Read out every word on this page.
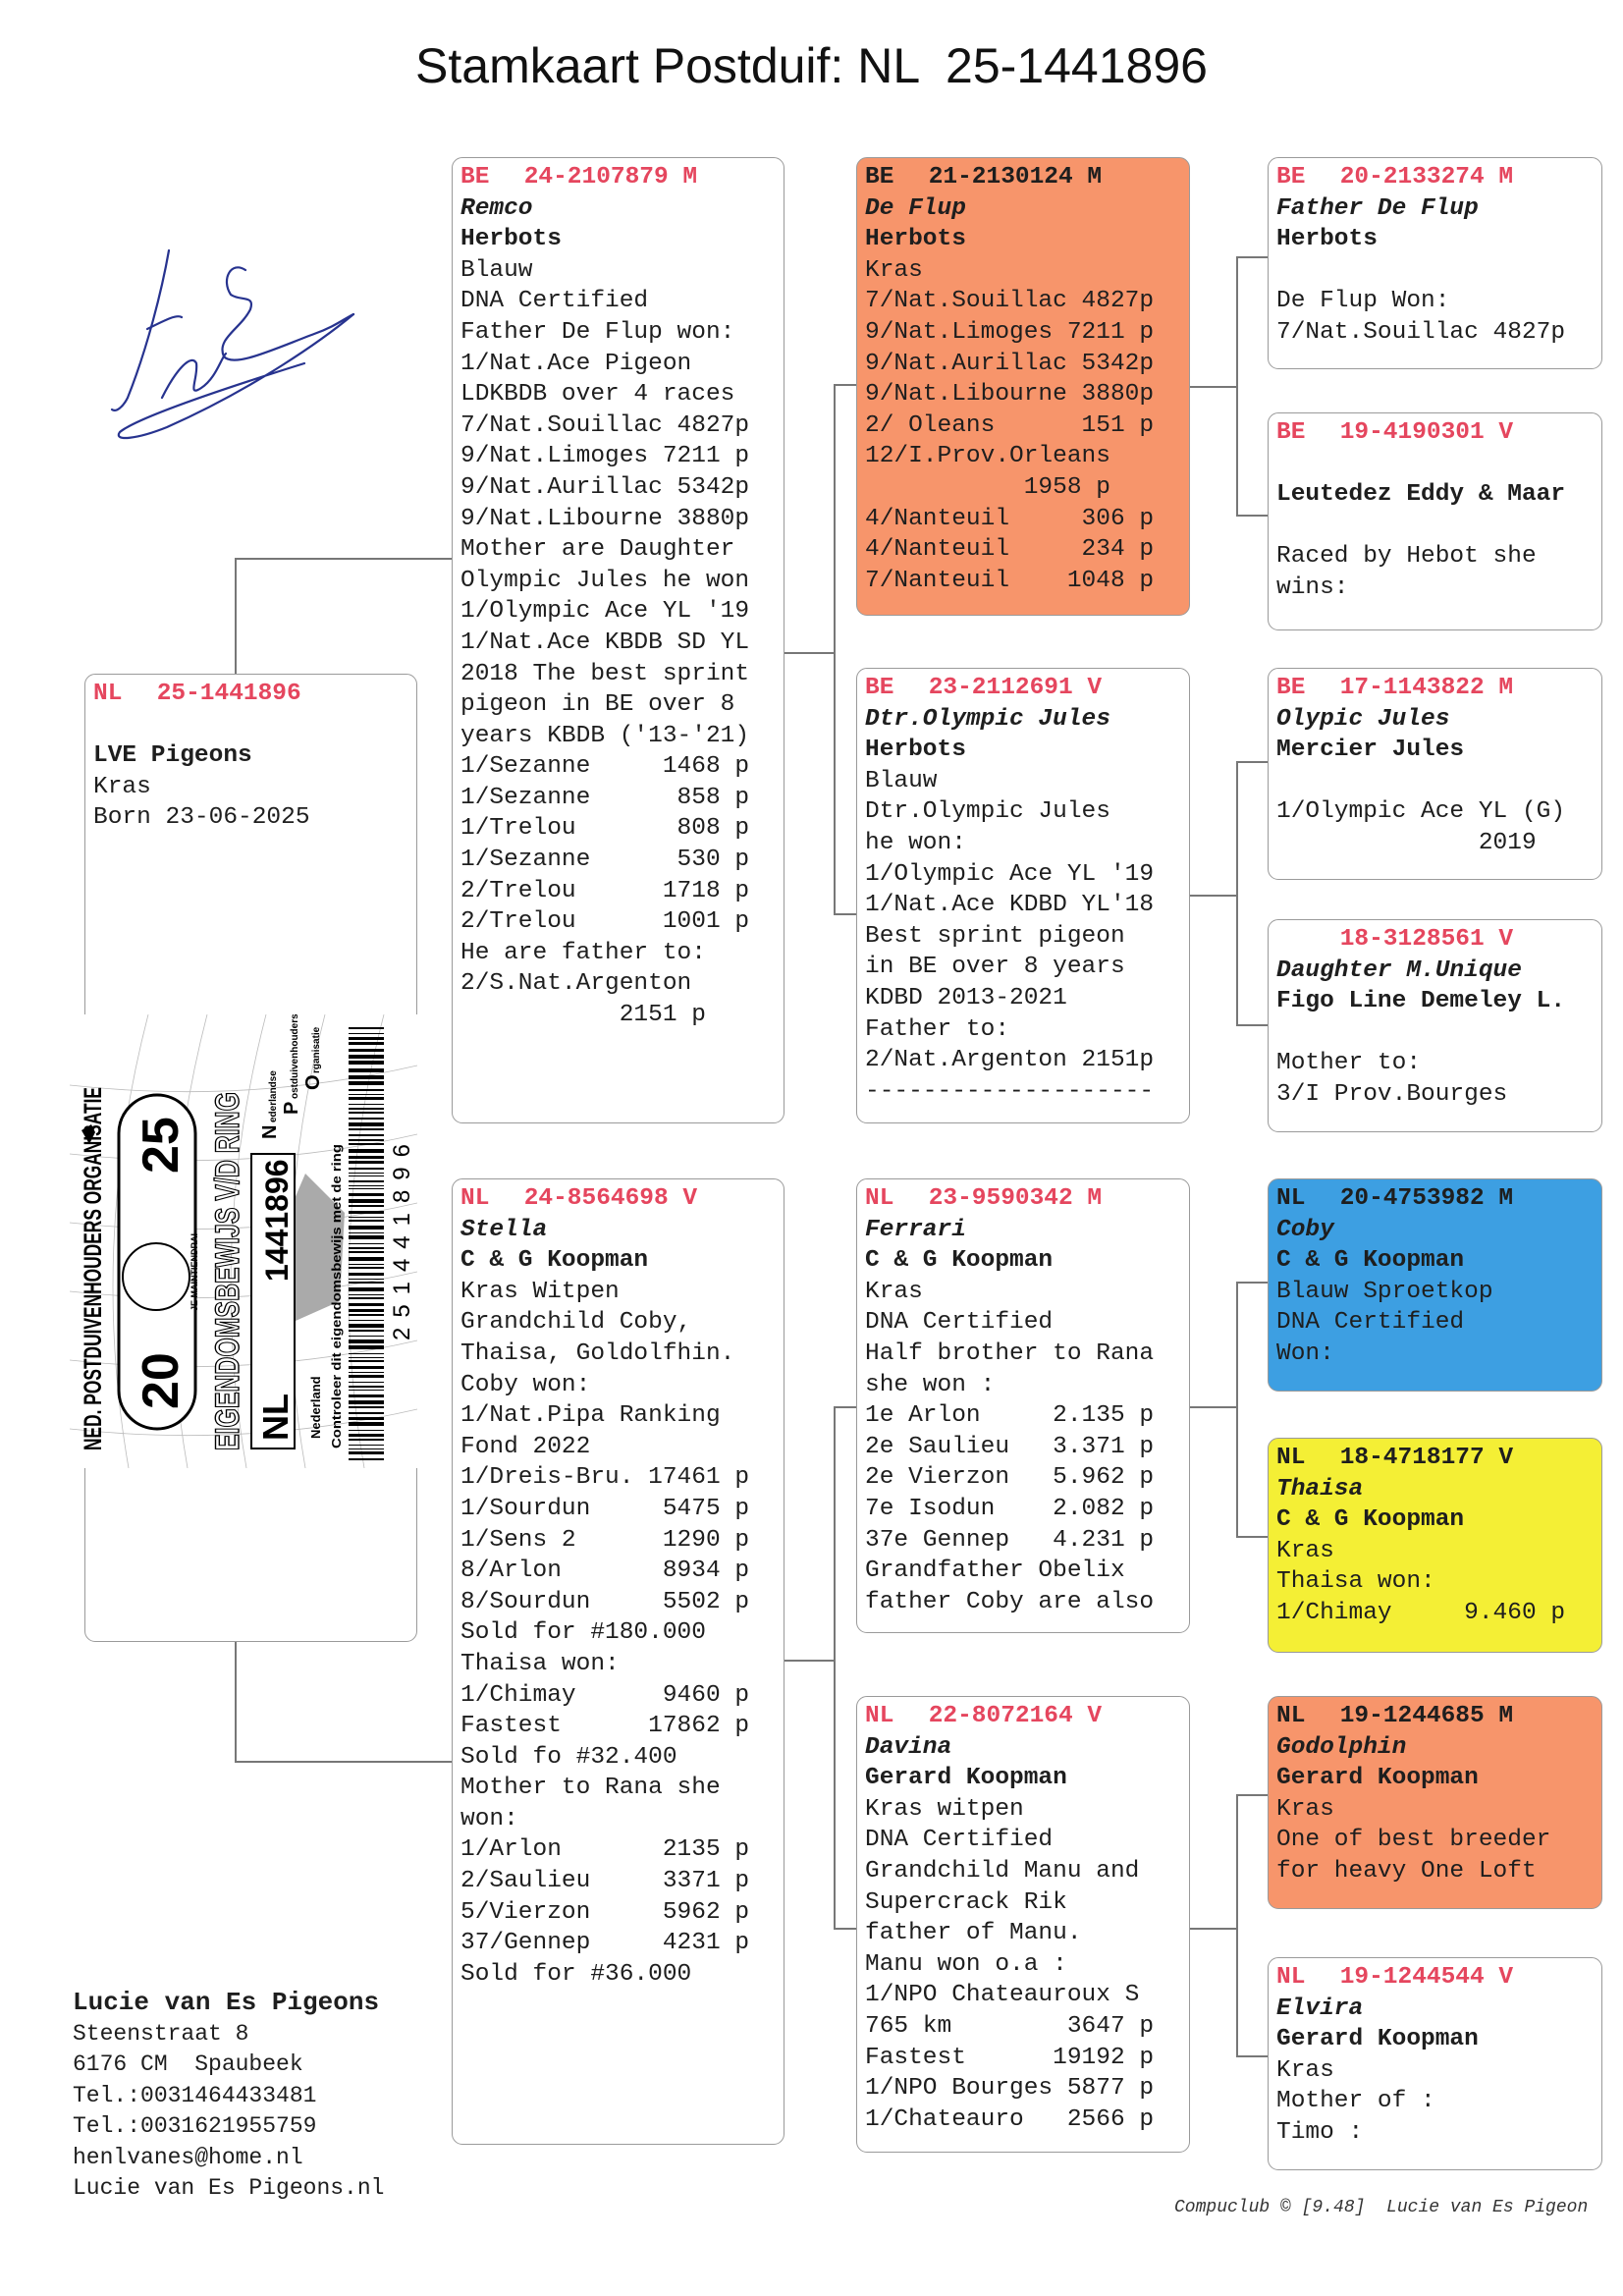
Stamkaart Postduif: NL  25-1441896
NL 25-1441896
LVE Pigeons
Kras
Born 23-06-2025
BE 24-2107879 M
Remco
Herbots
Blauw
DNA Certified
Father De Flup won:
1/Nat.Ace Pigeon
LDKBDB over 4 races
7/Nat.Souillac 4827p
9/Nat.Limoges 7211 p
9/Nat.Aurillac 5342p
9/Nat.Libourne 3880p
Mother are Daughter
Olympic Jules he won
1/Olympic Ace YL '19
1/Nat.Ace KBDB SD YL
2018 The best sprint
pigeon in BE over 8
years KBDB ('13-'21)
1/Sezanne     1468 p
1/Sezanne      858 p
1/Trelou       808 p
1/Sezanne      530 p
2/Trelou      1718 p
2/Trelou      1001 p
He are father to:
2/S.Nat.Argenton
2151 p
NL 24-8564698 V
Stella
C & G Koopman
Kras Witpen
Grandchild Coby,
Thaisa, Goldolfhin.
Coby won:
1/Nat.Pipa Ranking
Fond 2022
1/Dreis-Bru. 17461 p
1/Sourdun     5475 p
1/Sens 2      1290 p
8/Arlon       8934 p
8/Sourdun     5502 p
Sold for #180.000
Thaisa won:
1/Chimay      9460 p
Fastest      17862 p
Sold fo #32.400
Mother to Rana she
won:
1/Arlon       2135 p
2/Saulieu     3371 p
5/Vierzon     5962 p
37/Gennep     4231 p
Sold for #36.000
BE 21-2130124 M
De Flup
Herbots
Kras
7/Nat.Souillac 4827p
9/Nat.Limoges 7211 p
9/Nat.Aurillac 5342p
9/Nat.Libourne 3880p
2/ Oleans      151 p
12/I.Prov.Orleans
1958 p
4/Nanteuil     306 p
4/Nanteuil     234 p
7/Nanteuil    1048 p
BE 23-2112691 V
Dtr.Olympic Jules
Herbots
Blauw
Dtr.Olympic Jules
he won:
1/Olympic Ace YL '19
1/Nat.Ace KDBD YL'18
Best sprint pigeon
in BE over 8 years
KDBD 2013-2021
Father to:
2/Nat.Argenton 2151p
--------------------
NL 23-9590342 M
Ferrari
C & G Koopman
Kras
DNA Certified
Half brother to Rana
she won :
1e Arlon     2.135 p
2e Saulieu   3.371 p
2e Vierzon   5.962 p
7e Isodun    2.082 p
37e Gennep   4.231 p
Grandfather Obelix
father Coby are also
NL 22-8072164 V
Davina
Gerard Koopman
Kras witpen
DNA Certified
Grandchild Manu and
Supercrack Rik
father of Manu.
Manu won o.a :
1/NPO Chateauroux S
765 km        3647 p
Fastest      19192 p
1/NPO Bourges 5877 p
1/Chateauro   2566 p
BE 20-2133274 M
Father De Flup
Herbots
De Flup Won:
7/Nat.Souillac 4827p
BE 19-4190301 V
Leutedez Eddy & Maar
Raced by Hebot she
wins:
BE 17-1143822 M
Olypic Jules
Mercier Jules
1/Olympic Ace YL (G)
2019
18-3128561 V
Daughter M.Unique
Figo Line Demeley L.
Mother to:
3/I Prov.Bourges
NL 20-4753982 M
Coby
C & G Koopman
Blauw Sproetkop
DNA Certified
Won:
NL 18-4718177 V
Thaisa
C & G Koopman
Kras
Thaisa won:
1/Chimay     9.460 p
NL 19-1244685 M
Godolphin
Gerard Koopman
Kras
One of best breeder
for heavy One Loft
NL 19-1244544 V
Elvira
Gerard Koopman
Kras
Mother of :
Timo :
NED. POSTDUIVENHOUDERS ORGANISATIE 20
25
JE MAINTIENDRAI EIGENDOMSBEWIJS V/D RING NL
1441896
Nederland
N
ederlandse P
ostduivenhouders O
rganisatie
Controleer dit eigendomsbewijs met de ring 251441896
Lucie van Es Pigeons
Steenstraat 8
6176 CM  Spaubeek
Tel.:0031464433481
Tel.:0031621955759
henlvanes@home.nl
Lucie van Es Pigeons.nl
Compuclub © [9.48]  Lucie van Es Pigeon
